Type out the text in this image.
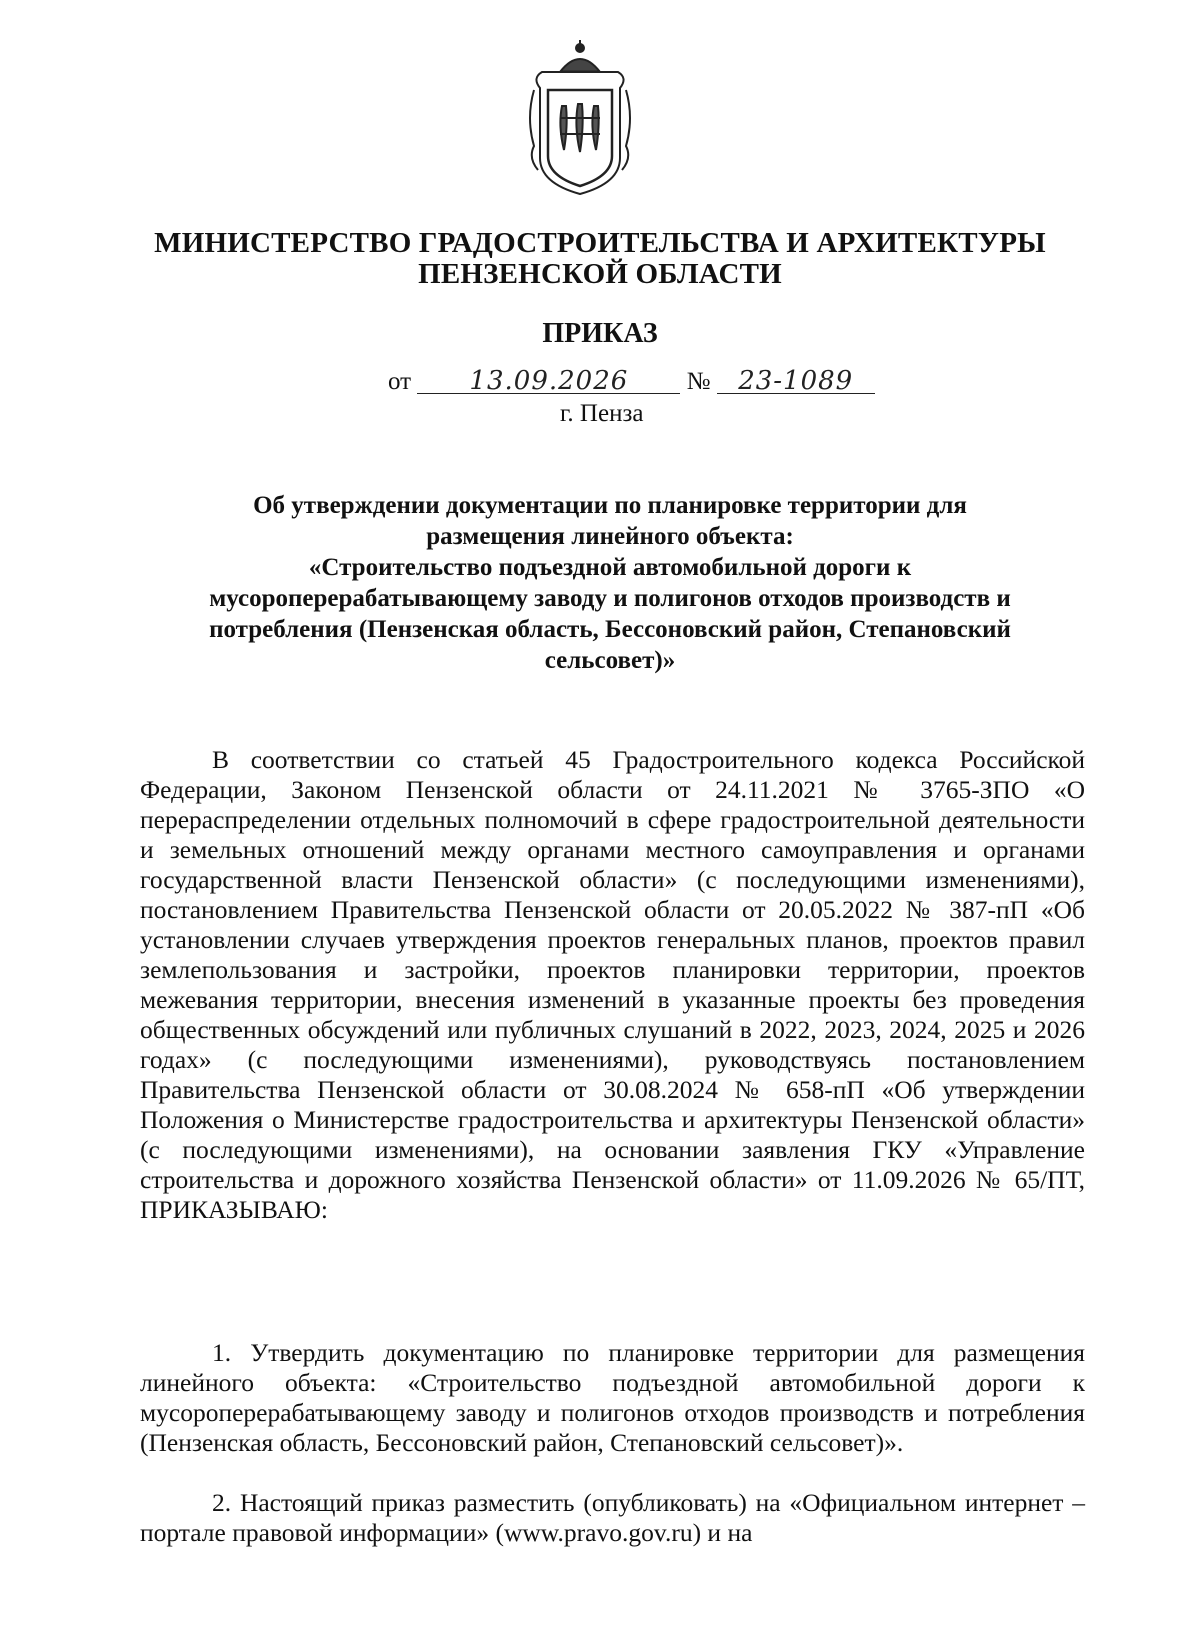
МИНИСТЕРСТВО ГРАДОСТРОИТЕЛЬСТВА И АРХИТЕКТУРЫ
ПЕНЗЕНСКОЙ ОБЛАСТИ
ПРИКАЗ
от 13.09.2026 № 23-1089
г. Пенза
Об утверждении документации по планировке территории для
размещения линейного объекта:
«Строительство подъездной автомобильной дороги к
мусороперерабатывающему заводу и полигонов отходов производств и
потребления (Пензенская область, Бессоновский район, Степановский
сельсовет)»
В соответствии со статьей 45 Градостроительного кодекса Российской Федерации, Законом Пензенской области от 24.11.2021 № 3765-ЗПО «О перераспределении отдельных полномочий в сфере градостроительной деятельности и земельных отношений между органами местного самоуправления и органами государственной власти Пензенской области» (с последующими изменениями), постановлением Правительства Пензенской области от 20.05.2022 № 387-пП «Об установлении случаев утверждения проектов генеральных планов, проектов правил землепользования и застройки, проектов планировки территории, проектов межевания территории, внесения изменений в указанные проекты без проведения общественных обсуждений или публичных слушаний в 2022, 2023, 2024, 2025 и 2026 годах» (с последующими изменениями), руководствуясь постановлением Правительства Пензенской области от 30.08.2024 № 658-пП «Об утверждении Положения о Министерстве градостроительства и архитектуры Пензенской области» (с последующими изменениями), на основании заявления ГКУ «Управление строительства и дорожного хозяйства Пензенской области» от 11.09.2026 № 65/ПТ, ПРИКАЗЫВАЮ:
1. Утвердить документацию по планировке территории для размещения линейного объекта: «Строительство подъездной автомобильной дороги к мусороперерабатывающему заводу и полигонов отходов производств и потребления (Пензенская область, Бессоновский район, Степановский сельсовет)».
2. Настоящий приказ разместить (опубликовать) на «Официальном интернет – портале правовой информации» (www.pravo.gov.ru) и на
